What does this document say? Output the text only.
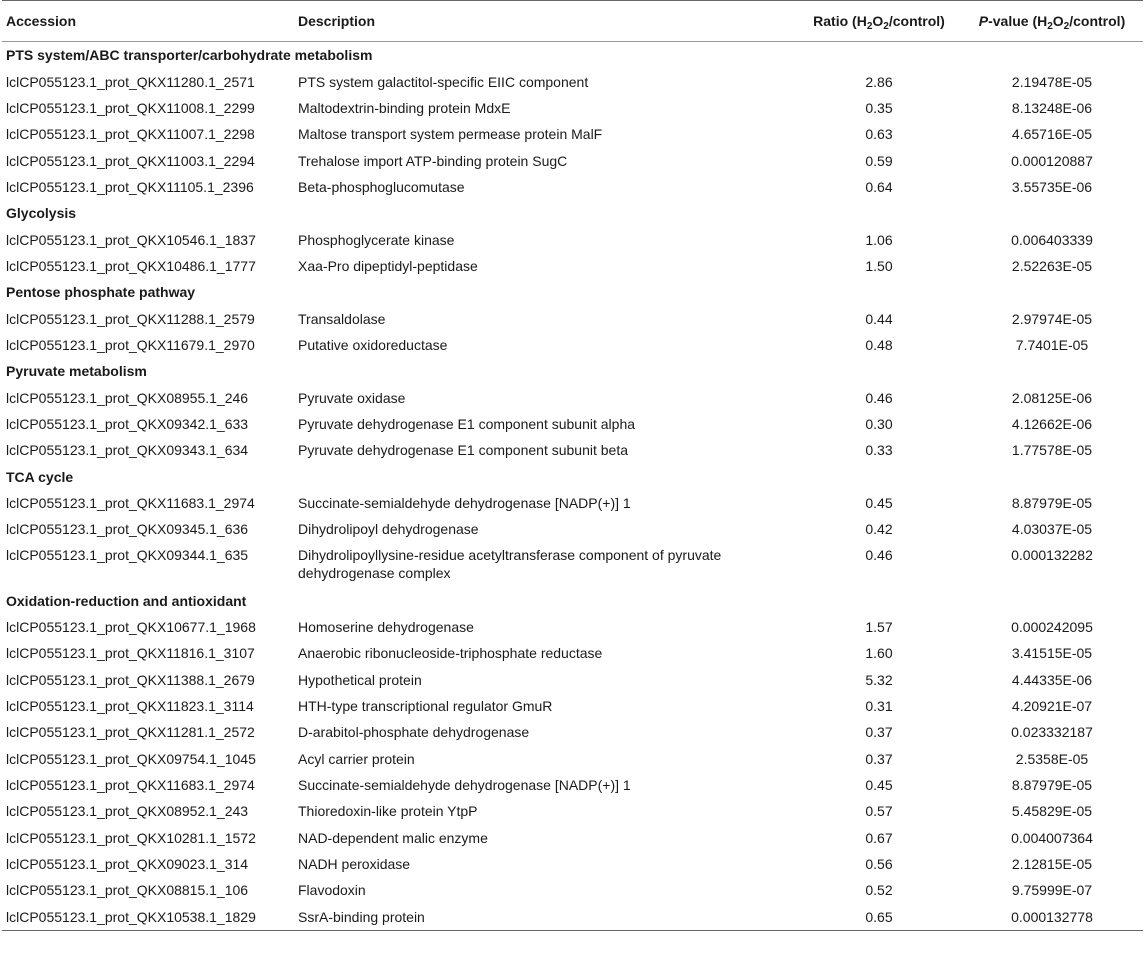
Accession	Description	Ratio $(H_2O_2/control)$	P-value $(H_2O_2/control)$
PTS system/ABC transporter/carbohydrate metabolism			
lclCP055123.1_prot_QKX11280.1_2571	PTS system galactitol-specific EIIC component	2.86	2.19478E-05
lclCP055123.1_prot_QKX11008.1_2299	Maltodextrin-binding protein MdxE	0.35	8.13248E-06
lclCP055123.1_prot_QKX11007.1_2298	Maltose transport system permease protein MalF	0.63	4.65716E-05
lclCP055123.1_prot_QKX11003.1_2294	Trehalose import ATP-binding protein SugC	0.59	0.000120887
lclCP055123.1_prot_QKX11105.1_2396	Beta-phosphoglucomutase	0.64	3.55735E-06
Glycolysis			
lclCP055123.1_prot_QKX10546.1_1837	Phosphoglycerate kinase	1.06	0.006403339
lclCP055123.1_prot_QKX10486.1_1777	Xaa-Pro dipeptidyl-peptidase	1.50	2.52263E-05
Pentose phosphate pathway			
lclCP055123.1_prot_QKX11288.1_2579	Transaldolase	0.44	2.97974E-05
lclCP055123.1_prot_QKX11679.1_2970	Putative oxidoreductase	0.48	7.7401E-05
Pyruvate metabolism			
lclCP055123.1_prot_QKX08955.1_246	Pyruvate oxidase	0.46	2.08125E-06
lclCP055123.1_prot_QKX09342.1_633	Pyruvate dehydrogenase E1 component subunit alpha	0.30	4.12662E-06
lclCP055123.1_prot_QKX09343.1_634	Pyruvate dehydrogenase E1 component subunit beta	0.33	1.77578E-05
TCA cycle			
lclCP055123.1_prot_QKX11683.1_2974	Succinate-semialdehyde dehydrogenase [NADP(+)] 1	0.45	8.87979E-05
lclCP055123.1_prot_QKX09345.1_636	Dihydrolipoyl dehydrogenase	0.42	4.03037E-05
lclCP055123.1_prot_QKX09344.1_635	Dihydrolipoyllysine-residue acetyltransferase component of pyruvate dehydrogenase complex	0.46	0.000132282
Oxidation-reduction and antioxidant			
lclCP055123.1_prot_QKX10677.1_1968	Homoserine dehydrogenase	1.57	0.000242095
lclCP055123.1_prot_QKX11816.1_3107	Anaerobic ribonucleoside-triphosphate reductase	1.60	3.41515E-05
lclCP055123.1_prot_QKX11388.1_2679	Hypothetical protein	5.32	4.44335E-06
lclCP055123.1_prot_QKX11823.1_3114	HTH-type transcriptional regulator GmuR	0.31	4.20921E-07
lclCP055123.1_prot_QKX11281.1_2572	D-arabitol-phosphate dehydrogenase	0.37	0.023332187
lclCP055123.1_prot_QKX09754.1_1045	Acyl carrier protein	0.37	2.5358E-05
lclCP055123.1_prot_QKX11683.1_2974	Succinate-semialdehyde dehydrogenase [NADP(+)] 1	0.45	8.87979E-05
lclCP055123.1_prot_QKX08952.1_243	Thioredoxin-like protein YtpP	0.57	5.45829E-05
lclCP055123.1_prot_QKX10281.1_1572	NAD-dependent malic enzyme	0.67	0.004007364
lclCP055123.1_prot_QKX09023.1_314	NADH peroxidase	0.56	2.12815E-05
lclCP055123.1_prot_QKX08815.1_106	Flavodoxin	0.52	9.75999E-07
lclCP055123.1_prot_QKX10538.1_1829	SsrA-binding protein	0.65	0.000132778
